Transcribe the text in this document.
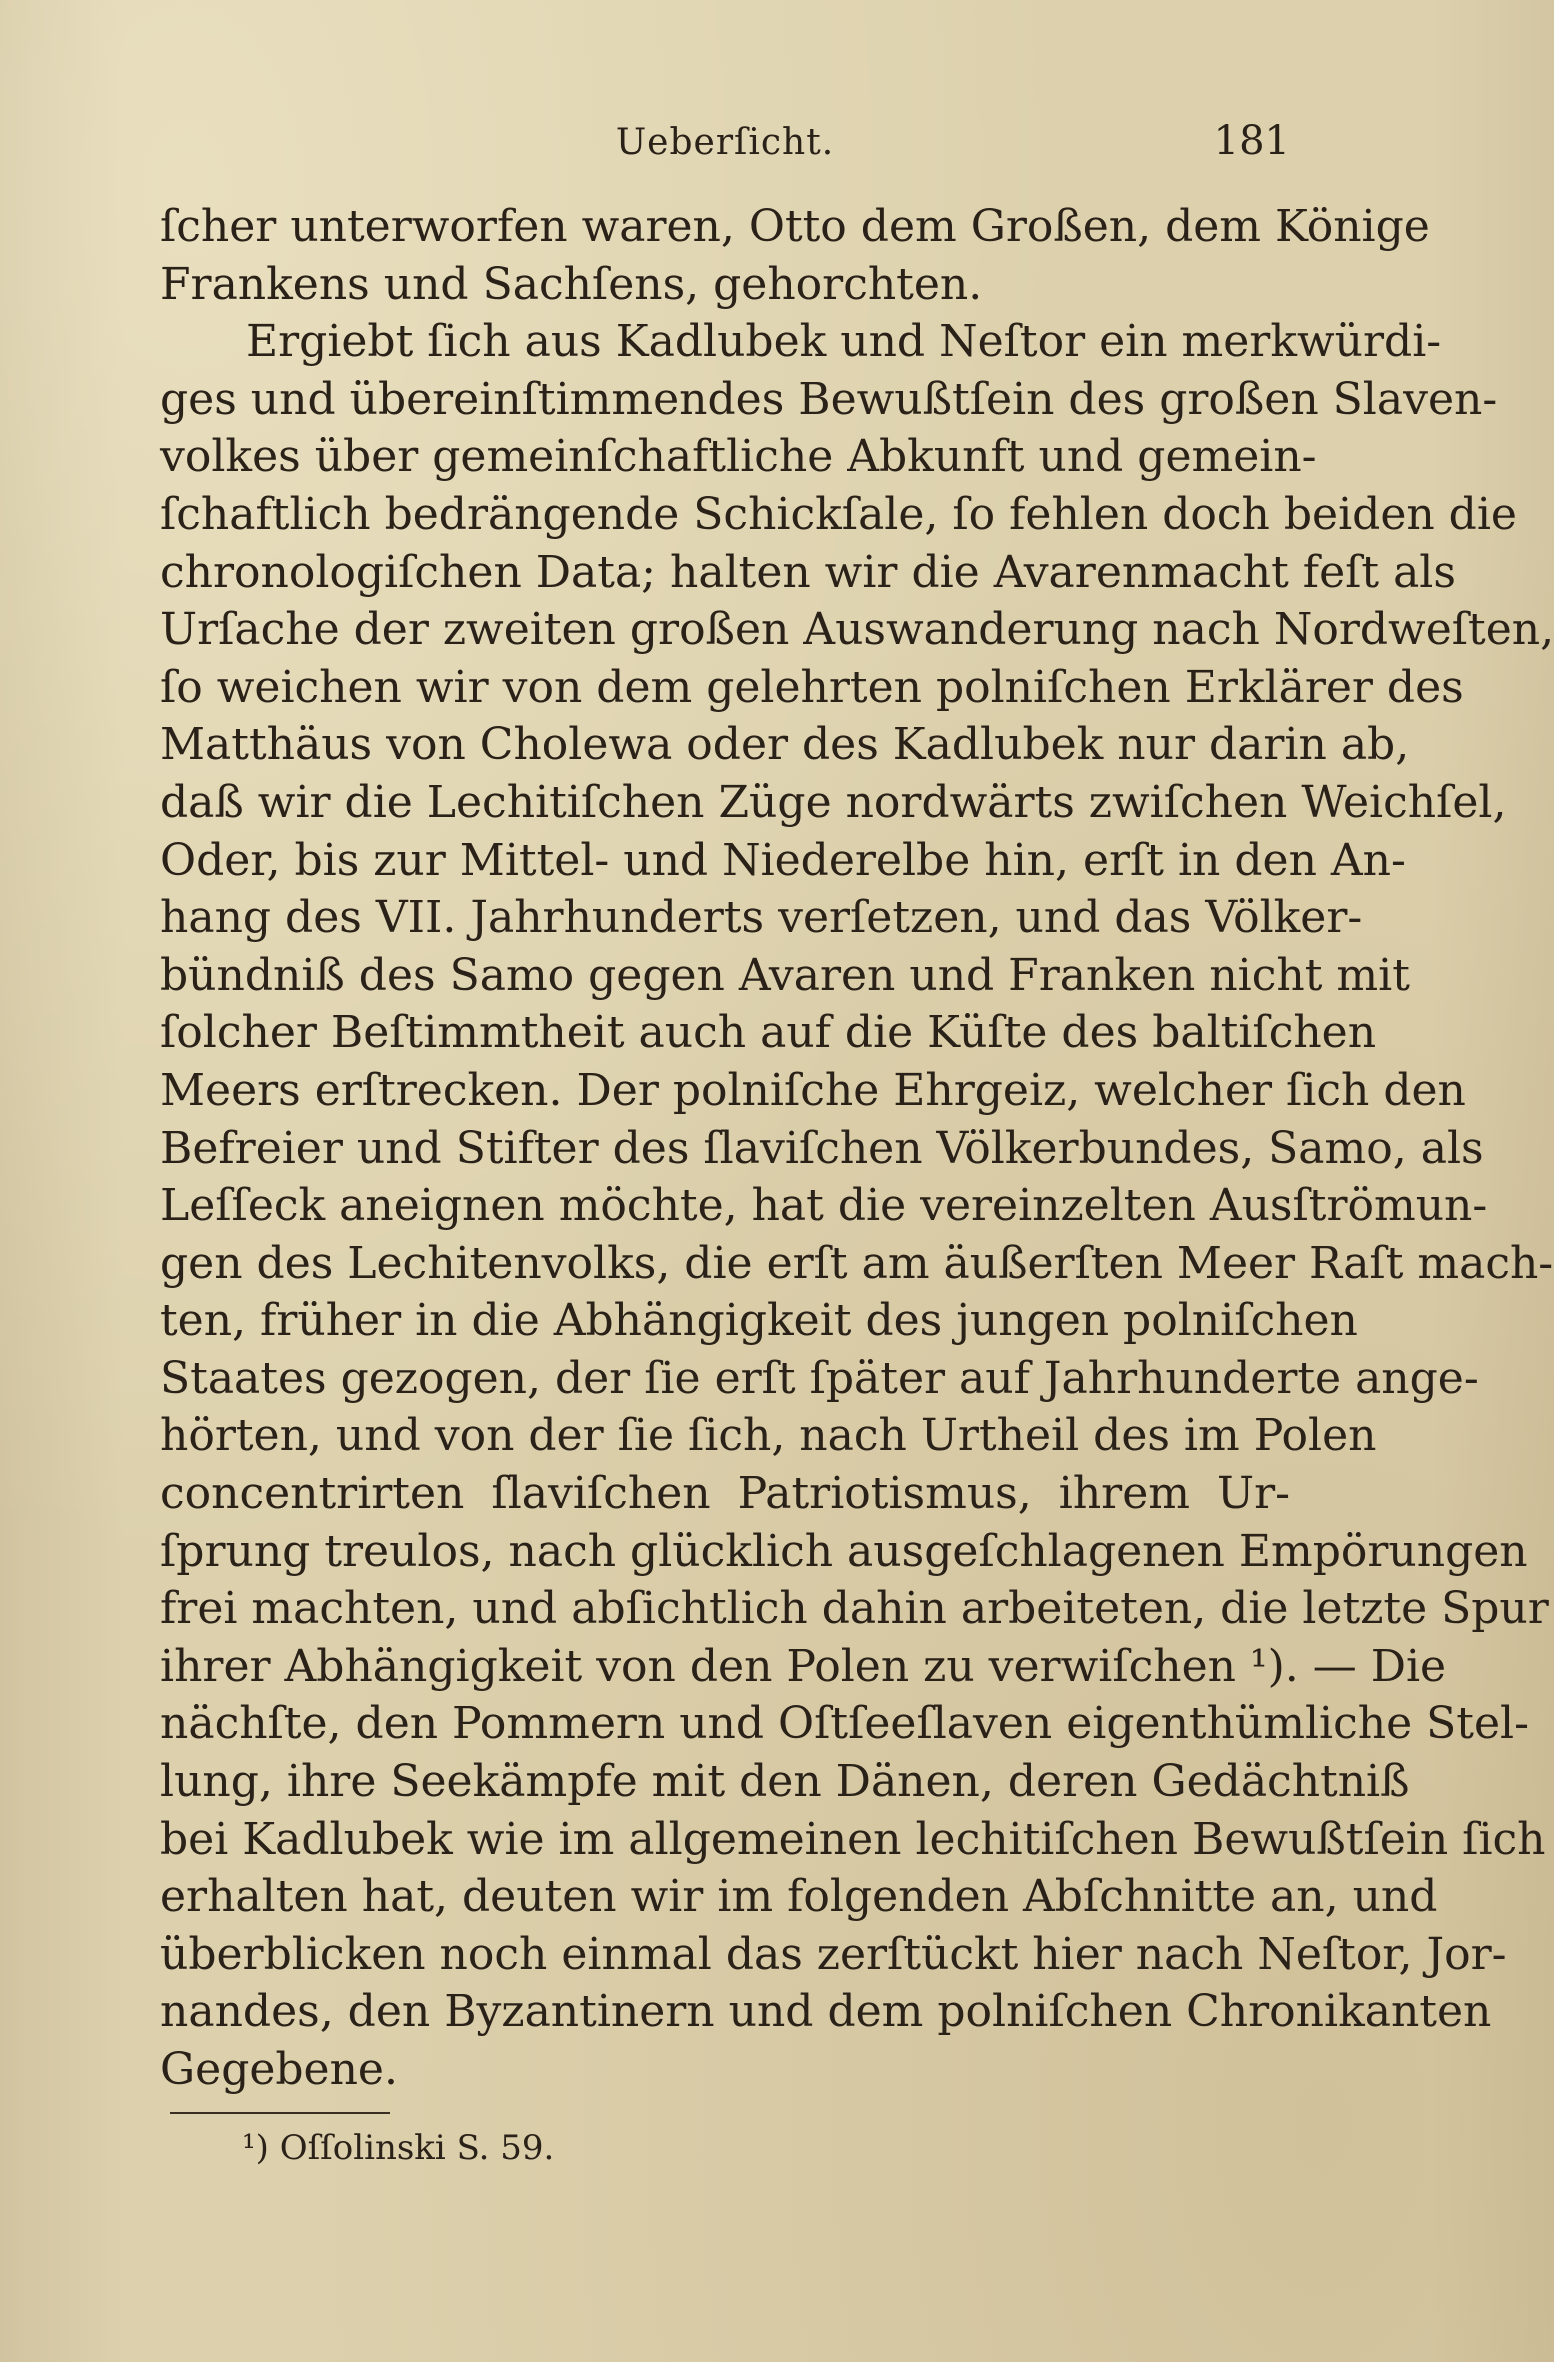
Ueberſicht.	181
ſcher unterworfen waren, Otto dem Großen, dem Könige
Frankens und Sachſens, gehorchten.
Ergiebt ſich aus Kadlubek und Neſtor ein merkwürdi-
ges und übereinſtimmendes Bewußtſein des großen Slaven-
volkes über gemeinſchaftliche Abkunft und gemein-
ſchaftlich bedrängende Schickſale, ſo fehlen doch beiden die
chronologiſchen Data; halten wir die Avarenmacht feſt als
Urſache der zweiten großen Auswanderung nach Nordweſten,
ſo weichen wir von dem gelehrten polniſchen Erklärer des
Matthäus von Cholewa oder des Kadlubek nur darin ab,
daß wir die Lechitiſchen Züge nordwärts zwiſchen Weichſel,
Oder, bis zur Mittel- und Niederelbe hin, erſt in den An-
hang des VII. Jahrhunderts verſetzen, und das Völker-
bündniß des Samo gegen Avaren und Franken nicht mit
ſolcher Beſtimmtheit auch auf die Küſte des baltiſchen
Meers erſtrecken. Der polniſche Ehrgeiz, welcher ſich den
Befreier und Stifter des ſlaviſchen Völkerbundes, Samo, als
Leſſeck aneignen möchte, hat die vereinzelten Ausſtrömun-
gen des Lechitenvolks, die erſt am äußerſten Meer Raſt mach-
ten, früher in die Abhängigkeit des jungen polniſchen
Staates gezogen, der ſie erſt ſpäter auf Jahrhunderte ange-
hörten, und von der ſie ſich, nach Urtheil des im Polen
concentrirten ſlaviſchen Patriotismus, ihrem Ur-
ſprung treulos, nach glücklich ausgeſchlagenen Empörungen
frei machten, und abſichtlich dahin arbeiteten, die letzte Spur
ihrer Abhängigkeit von den Polen zu verwiſchen ¹). — Die
nächſte, den Pommern und Oſtſeeſlaven eigenthümliche Stel-
lung, ihre Seekämpfe mit den Dänen, deren Gedächtniß
bei Kadlubek wie im allgemeinen lechitiſchen Bewußtſein ſich
erhalten hat, deuten wir im folgenden Abſchnitte an, und
überblicken noch einmal das zerſtückt hier nach Neſtor, Jor-
nandes, den Byzantinern und dem polniſchen Chronikanten
Gegebene.
¹) Oſſolinski S. 59.
